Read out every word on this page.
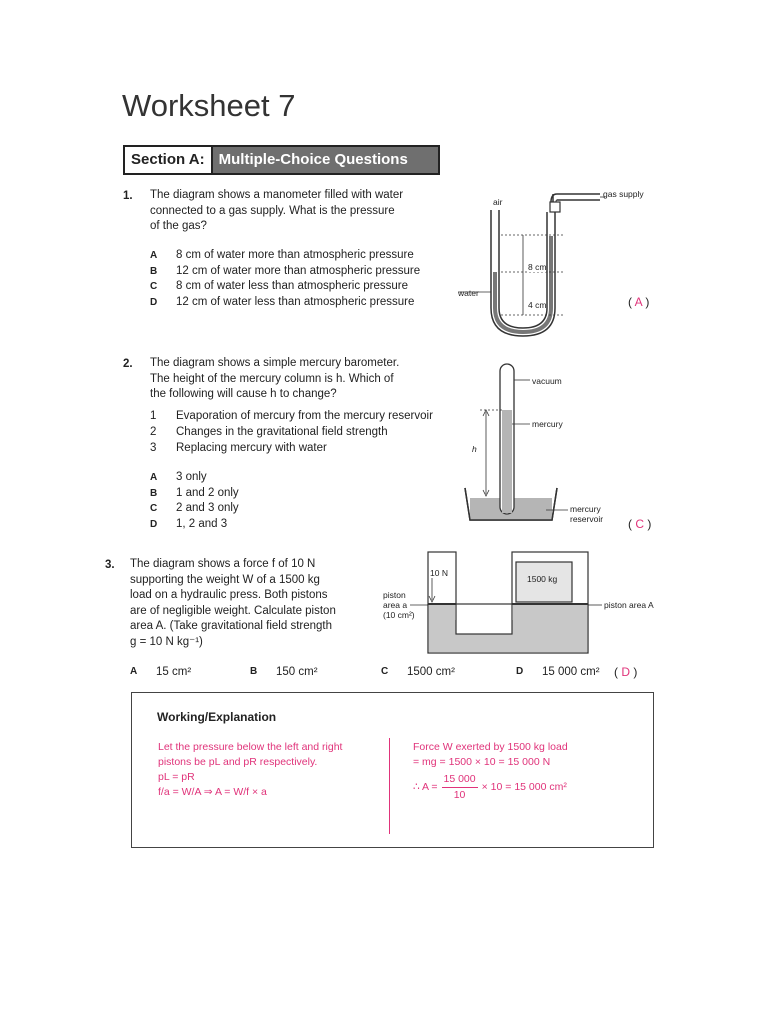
Worksheet 7
Section A: Multiple-Choice Questions
1. The diagram shows a manometer filled with water
connected to a gas supply. What is the pressure
of the gas?
A	8 cm of water more than atmospheric pressure
B	12 cm of water more than atmospheric pressure
C	8 cm of water less than atmospheric pressure
D	12 cm of water less than atmospheric pressure	( A )
air
gas supply
water
8 cm
4 cm
2. The diagram shows a simple mercury barometer.
The height of the mercury column is h. Which of
the following will cause h to change?
1	Evaporation of mercury from the mercury reservoir
2	Changes in the gravitational field strength
3	Replacing mercury with water
A	3 only
B	1 and 2 only
C	2 and 3 only
D	1, 2 and 3	( C )
vacuum
mercury
h
mercury
reservoir
3. The diagram shows a force f of 10 N
supporting the weight W of a 1500 kg
load on a hydraulic press. Both pistons
are of negligible weight. Calculate piston
area A. (Take gravitational field strength
g = 10 N kg⁻¹)
10 N
1500 kg
piston
area a
(10 cm²)
piston area A
A	15 cm²	B	150 cm²	C	1500 cm²	D	15 000 cm² ( D )
Working/Explanation
Let the pressure below the left and right
pistons be pL and pR respectively.
pL = pR
f/a = W/A ⇒ A = W/f × a
Force W exerted by 1500 kg load
= mg = 1500 × 10 = 15 000 N
∴ $A = \frac{15 000}{10} \times 10 = 15$ 000 cm²
